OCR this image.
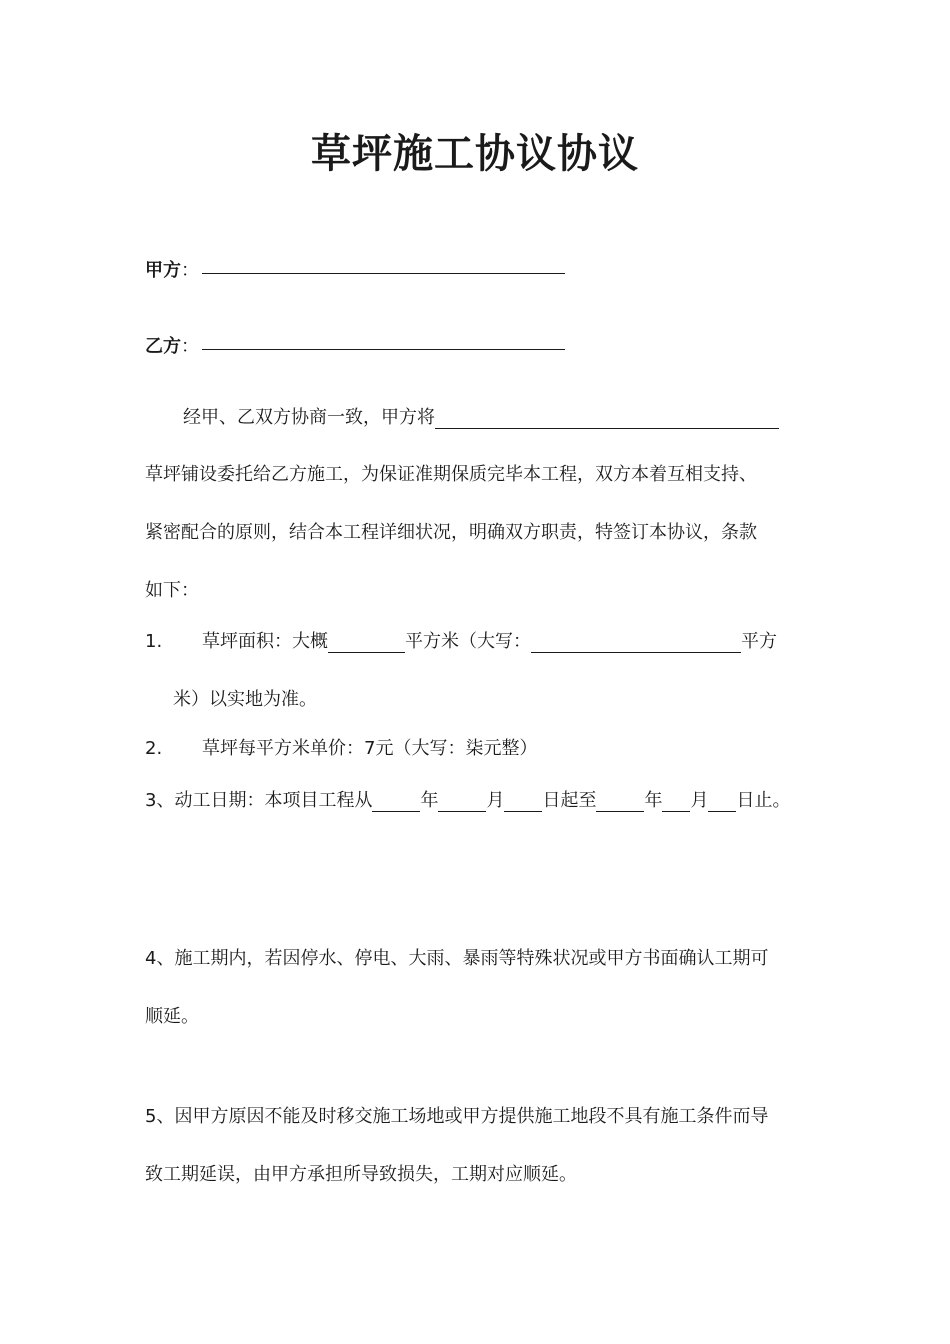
草坪施工协议协议
甲方：
乙方：
经甲、乙双方协商一致，甲方将
草坪铺设委托给乙方施工，为保证准期保质完毕本工程，双方本着互相支持、
紧密配合的原则，结合本工程详细状况，明确双方职责，特签订本协议，条款
如下：
1. 草坪面积：大概	平方米（大写：	平方
米）以实地为准。
2. 草坪每平方米单价：7元（大写：柒元整）
3、动工日期：本项目工程从	年	月 日起至	年 月 日止。
4、施工期内，若因停水、停电、大雨、暴雨等特殊状况或甲方书面确认工期可
顺延。
5、因甲方原因不能及时移交施工场地或甲方提供施工地段不具有施工条件而导
致工期延误，由甲方承担所导致损失，工期对应顺延。
